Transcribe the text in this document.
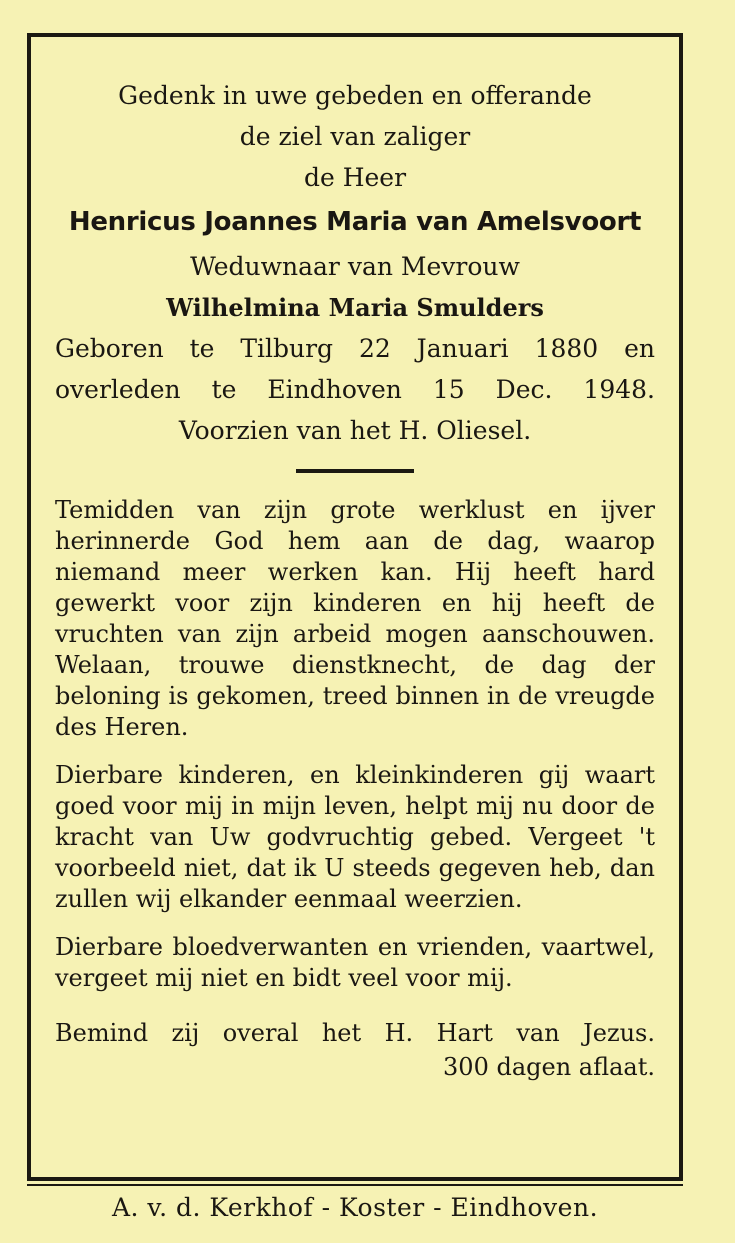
Gedenk in uwe gebeden en offerande
de ziel van zaliger
de Heer
Henricus Joannes Maria van Amelsvoort
Weduwnaar van Mevrouw
Wilhelmina Maria Smulders
Geboren te Tilburg 22 Januari 1880 en
overleden te Eindhoven 15 Dec. 1948.
Voorzien van het H. Oliesel.

Temidden van zijn grote werklust en ijver herinnerde God hem aan de dag, waarop niemand meer werken kan. Hij heeft hard gewerkt voor zijn kinderen en hij heeft de vruchten van zijn arbeid mogen aanschouwen. Welaan, trouwe dienstknecht, de dag der beloning is gekomen, treed binnen in de vreugde des Heren.

Dierbare kinderen, en kleinkinderen gij waart goed voor mij in mijn leven, helpt mij nu door de kracht van Uw godvruchtig gebed. Vergeet 't voorbeeld niet, dat ik U steeds gegeven heb, dan zullen wij elkander eenmaal weerzien.

Dierbare bloedverwanten en vrienden, vaartwel, vergeet mij niet en bidt veel voor mij.

Bemind zij overal het H. Hart van Jezus.
300 dagen aflaat.
A. v. d. Kerkhof - Koster - Eindhoven.
